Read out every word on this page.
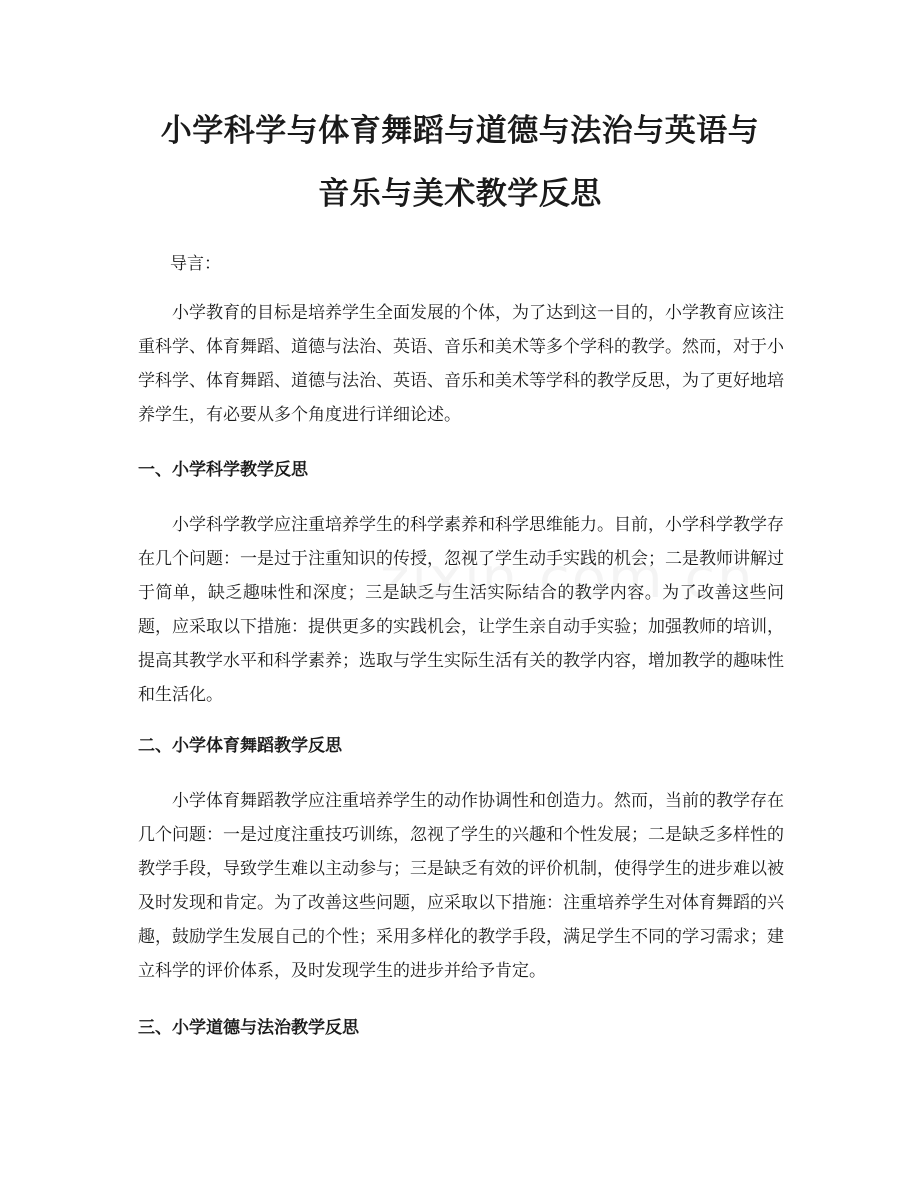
小学科学与体育舞蹈与道德与法治与英语与
音乐与美术教学反思

导言：

小学教育的目标是培养学生全面发展的个体，为了达到这一目的，小学教育应该注重科学、体育舞蹈、道德与法治、英语、音乐和美术等多个学科的教学。然而，对于小学科学、体育舞蹈、道德与法治、英语、音乐和美术等学科的教学反思，为了更好地培养学生，有必要从多个角度进行详细论述。

一、小学科学教学反思

小学科学教学应注重培养学生的科学素养和科学思维能力。目前，小学科学教学存在几个问题：一是过于注重知识的传授，忽视了学生动手实践的机会；二是教师讲解过于简单，缺乏趣味性和深度；三是缺乏与生活实际结合的教学内容。为了改善这些问题，应采取以下措施：提供更多的实践机会，让学生亲自动手实验；加强教师的培训，提高其教学水平和科学素养；选取与学生实际生活有关的教学内容，增加教学的趣味性和生活化。

二、小学体育舞蹈教学反思

小学体育舞蹈教学应注重培养学生的动作协调性和创造力。然而，当前的教学存在几个问题：一是过度注重技巧训练，忽视了学生的兴趣和个性发展；二是缺乏多样性的教学手段，导致学生难以主动参与；三是缺乏有效的评价机制，使得学生的进步难以被及时发现和肯定。为了改善这些问题，应采取以下措施：注重培养学生对体育舞蹈的兴趣，鼓励学生发展自己的个性；采用多样化的教学手段，满足学生不同的学习需求；建立科学的评价体系，及时发现学生的进步并给予肯定。

三、小学道德与法治教学反思
